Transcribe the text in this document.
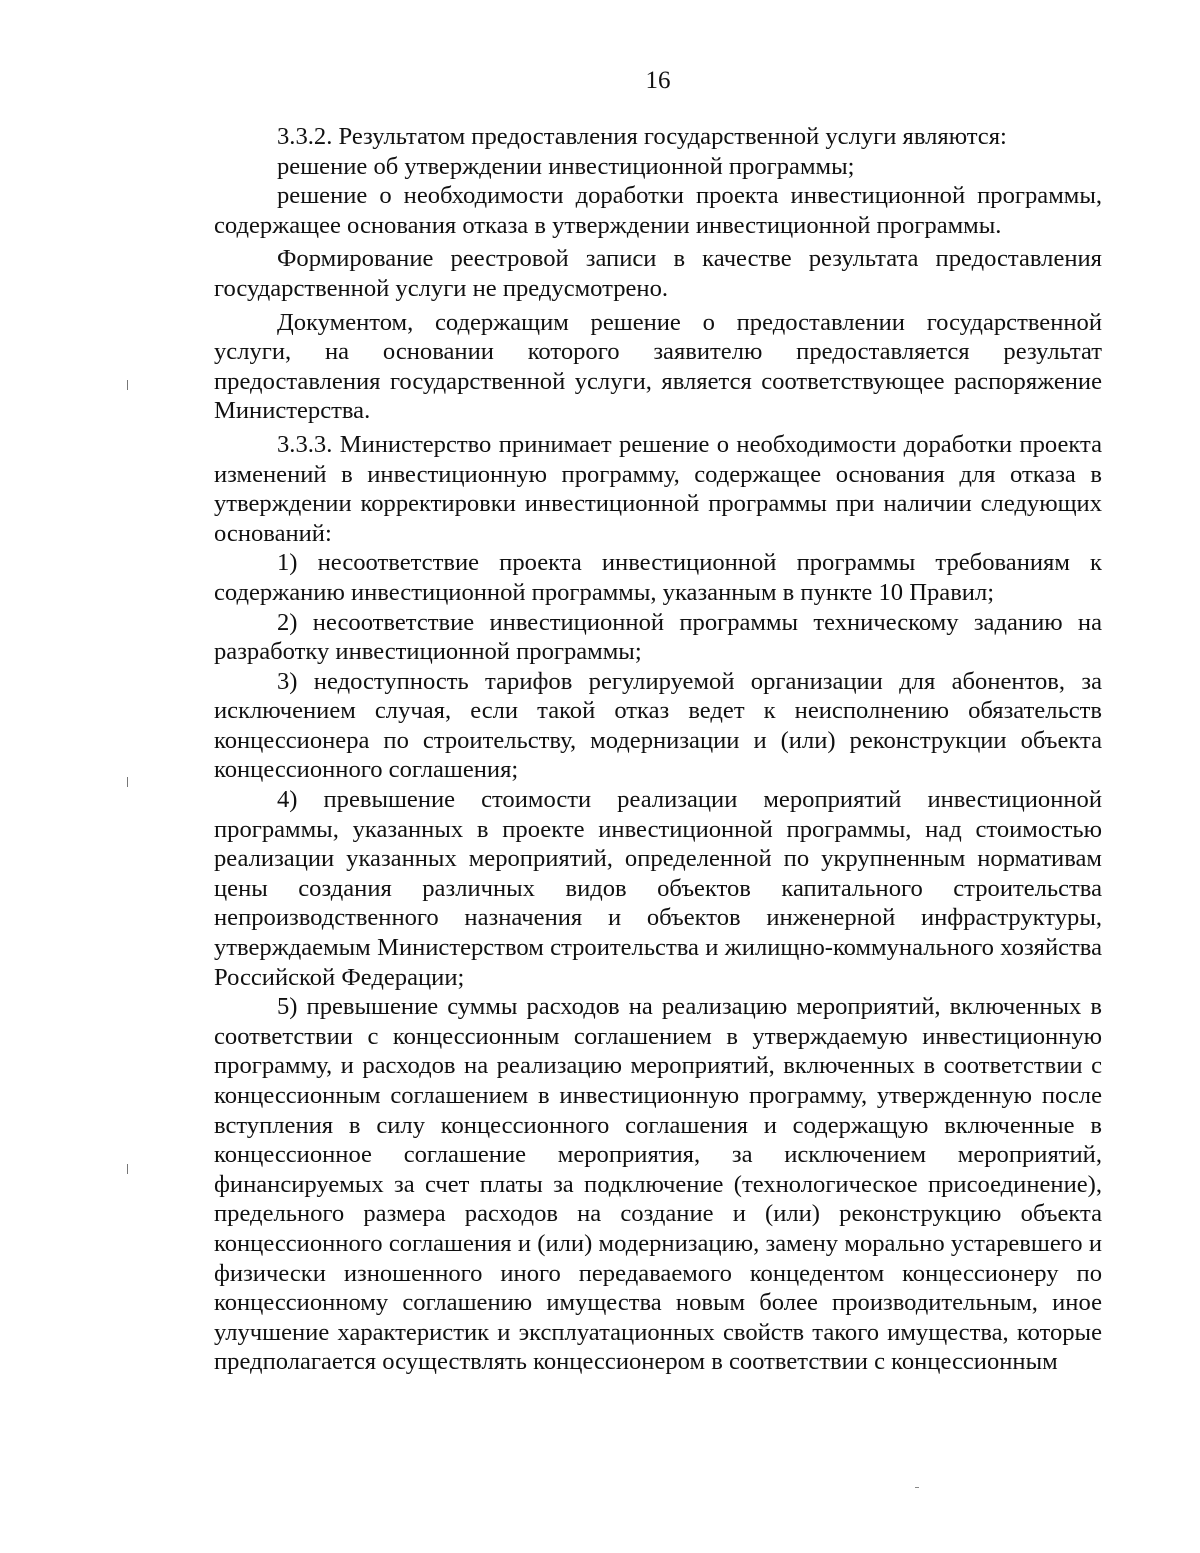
16

3.3.2. Результатом предоставления государственной услуги являются:

решение об утверждении инвестиционной программы;

решение о необходимости доработки проекта инвестиционной программы, содержащее основания отказа в утверждении инвестиционной программы.

Формирование реестровой записи в качестве результата предоставления государственной услуги не предусмотрено.

Документом, содержащим решение о предоставлении государственной услуги, на основании которого заявителю предоставляется результат предоставления государственной услуги, является соответствующее распоряжение Министерства.

3.3.3. Министерство принимает решение о необходимости доработки проекта изменений в инвестиционную программу, содержащее основания для отказа в утверждении корректировки инвестиционной программы при наличии следующих оснований:

1) несоответствие проекта инвестиционной программы требованиям к содержанию инвестиционной программы, указанным в пункте 10 Правил;

2) несоответствие инвестиционной программы техническому заданию на разработку инвестиционной программы;

3) недоступность тарифов регулируемой организации для абонентов, за исключением случая, если такой отказ ведет к неисполнению обязательств концессионера по строительству, модернизации и (или) реконструкции объекта концессионного соглашения;

4) превышение стоимости реализации мероприятий инвестиционной программы, указанных в проекте инвестиционной программы, над стоимостью реализации указанных мероприятий, определенной по укрупненным нормативам цены создания различных видов объектов капитального строительства непроизводственного назначения и объектов инженерной инфраструктуры, утверждаемым Министерством строительства и жилищно-коммунального хозяйства Российской Федерации;

5) превышение суммы расходов на реализацию мероприятий, включенных в соответствии с концессионным соглашением в утверждаемую инвестиционную программу, и расходов на реализацию мероприятий, включенных в соответствии с концессионным соглашением в инвестиционную программу, утвержденную после вступления в силу концессионного соглашения и содержащую включенные в концессионное соглашение мероприятия, за исключением мероприятий, финансируемых за счет платы за подключение (технологическое присоединение), предельного размера расходов на создание и (или) реконструкцию объекта концессионного соглашения и (или) модернизацию, замену морально устаревшего и физически изношенного иного передаваемого концедентом концессионеру по концессионному соглашению имущества новым более производительным, иное улучшение характеристик и эксплуатационных свойств такого имущества, которые предполагается осуществлять концессионером в соответствии с концессионным
